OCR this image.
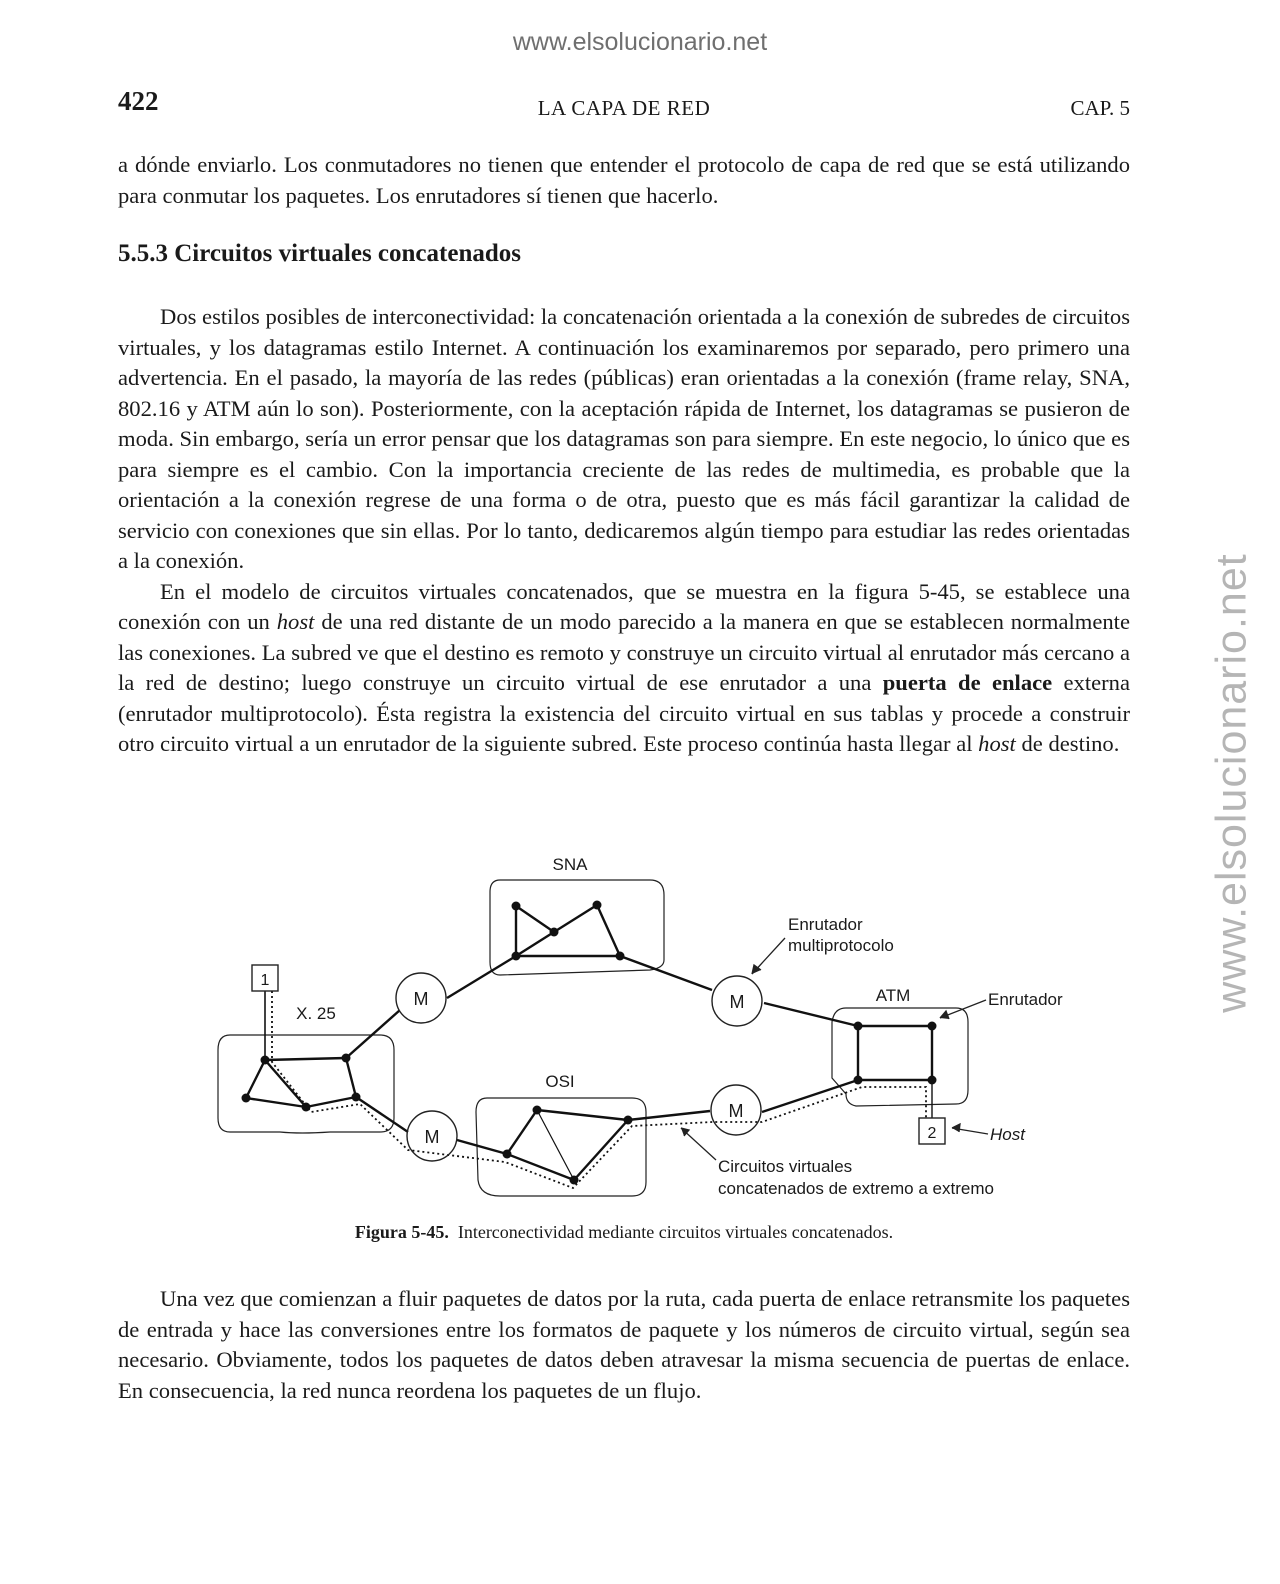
www.elsolucionario.net
www.elsolucionario.net
422	LA CAPA DE RED	CAP. 5

a dónde enviarlo. Los conmutadores no tienen que entender el protocolo de capa de red que se está utilizando para conmutar los paquetes. Los enrutadores sí tienen que hacerlo.

5.5.3 Circuitos virtuales concatenados

Dos estilos posibles de interconectividad: la concatenación orientada a la conexión de subredes de circuitos virtuales, y los datagramas estilo Internet. A continuación los examinaremos por separado, pero primero una advertencia. En el pasado, la mayoría de las redes (públicas) eran orientadas a la conexión (frame relay, SNA, 802.16 y ATM aún lo son). Posteriormente, con la aceptación rápida de Internet, los datagramas se pusieron de moda. Sin embargo, sería un error pensar que los datagramas son para siempre. En este negocio, lo único que es para siempre es el cambio. Con la importancia creciente de las redes de multimedia, es probable que la orientación a la conexión regrese de una forma o de otra, puesto que es más fácil garantizar la calidad de servicio con conexiones que sin ellas. Por lo tanto, dedicaremos algún tiempo para estudiar las redes orientadas a la conexión.

En el modelo de circuitos virtuales concatenados, que se muestra en la figura 5-45, se establece una conexión con un host de una red distante de un modo parecido a la manera en que se establecen normalmente las conexiones. La subred ve que el destino es remoto y construye un circuito virtual al enrutador más cercano a la red de destino; luego construye un circuito virtual de ese enrutador a una puerta de enlace externa (enrutador multiprotocolo). Ésta registra la existencia del circuito virtual en sus tablas y procede a construir otro circuito virtual a un enrutador de la siguiente subred. Este proceso continúa hasta llegar al host de destino.

M	M
M
M
1
2
SNA
X. 25
OSI
ATM
Enrutador
multiprotocolo
Enrutador
Host
Circuitos virtuales
concatenados de extremo a extremo
Figura 5-45. Interconectividad mediante circuitos virtuales concatenados.

Una vez que comienzan a fluir paquetes de datos por la ruta, cada puerta de enlace retransmite los paquetes de entrada y hace las conversiones entre los formatos de paquete y los números de circuito virtual, según sea necesario. Obviamente, todos los paquetes de datos deben atravesar la misma secuencia de puertas de enlace. En consecuencia, la red nunca reordena los paquetes de un flujo.
